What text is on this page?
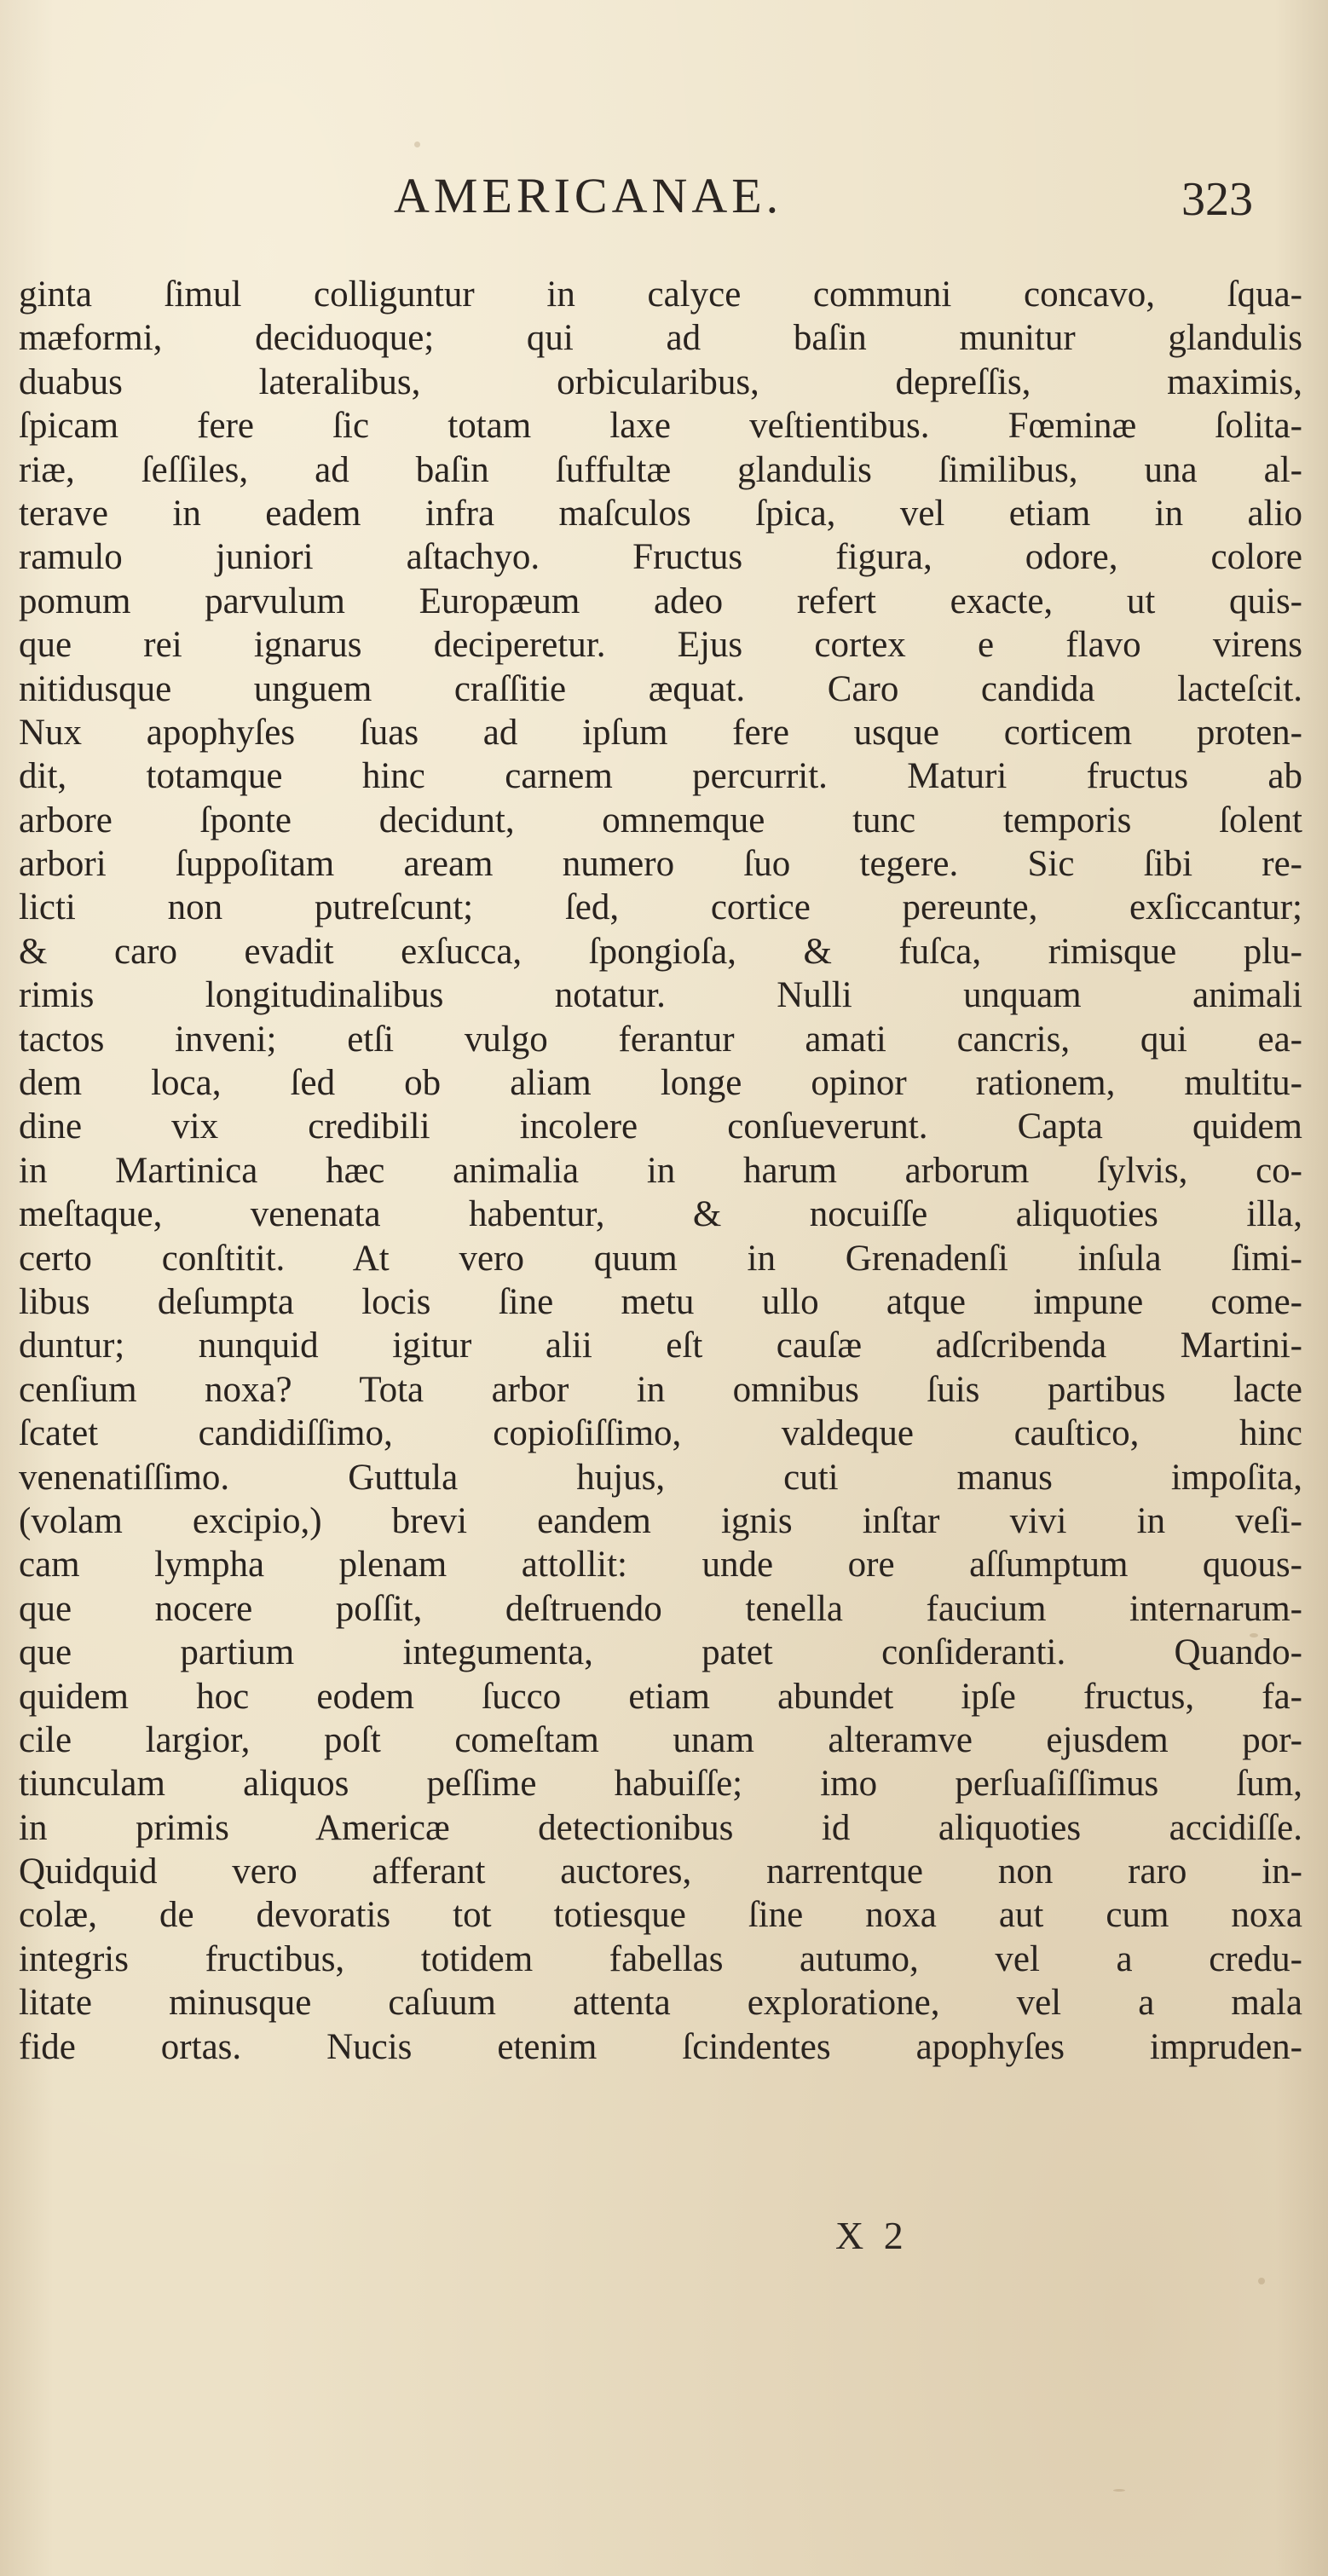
AMERICANAE.	323
ginta ſimul colliguntur in calyce communi concavo, ſqua-
mæformi, deciduoque; qui ad baſin munitur glandulis
duabus lateralibus, orbicularibus, depreſſis, maximis,
ſpicam fere ſic totam laxe veſtientibus. Fœminæ ſolita-
riæ, ſeſſiles, ad baſin ſuffultæ glandulis ſimilibus, una al-
terave in eadem infra maſculos ſpica, vel etiam in alio
ramulo juniori aſtachyo. Fructus figura, odore, colore
pomum parvulum Europæum adeo refert exacte, ut quis-
que rei ignarus deciperetur. Ejus cortex e flavo virens
nitidusque unguem craſſitie æquat. Caro candida lacteſcit.
Nux apophyſes ſuas ad ipſum fere usque corticem proten-
dit, totamque hinc carnem percurrit. Maturi fructus ab
arbore ſponte decidunt, omnemque tunc temporis ſolent
arbori ſuppoſitam aream numero ſuo tegere. Sic ſibi re-
licti non putreſcunt; ſed, cortice pereunte, exſiccantur;
& caro evadit exſucca, ſpongioſa, & fuſca, rimisque plu-
rimis longitudinalibus notatur. Nulli unquam animali
tactos inveni; etſi vulgo ferantur amati cancris, qui ea-
dem loca, ſed ob aliam longe opinor rationem, multitu-
dine vix credibili incolere conſueverunt. Capta quidem
in Martinica hæc animalia in harum arborum ſylvis, co-
meſtaque, venenata habentur, & nocuiſſe aliquoties illa,
certo conſtitit. At vero quum in Grenadenſi inſula ſimi-
libus deſumpta locis ſine metu ullo atque impune come-
duntur; nunquid igitur alii eſt cauſæ adſcribenda Martini-
cenſium noxa? Tota arbor in omnibus ſuis partibus lacte
ſcatet candidiſſimo, copioſiſſimo, valdeque cauſtico, hinc
venenatiſſimo. Guttula hujus, cuti manus impoſita,
(volam excipio,) brevi eandem ignis inſtar vivi in veſi-
cam lympha plenam attollit: unde ore aſſumptum quous-
que nocere poſſit, deſtruendo tenella faucium internarum-
que partium integumenta, patet conſideranti. Quando-
quidem hoc eodem ſucco etiam abundet ipſe fructus, fa-
cile largior, poſt comeſtam unam alteramve ejusdem por-
tiunculam aliquos peſſime habuiſſe; imo perſuaſiſſimus ſum,
in primis Americæ detectionibus id aliquoties accidiſſe.
Quidquid vero afferant auctores, narrentque non raro in-
colæ, de devoratis tot totiesque ſine noxa aut cum noxa
integris fructibus, totidem fabellas autumo, vel a credu-
litate minusque caſuum attenta exploratione, vel a mala
fide ortas. Nucis etenim ſcindentes apophyſes impruden-
X 2
